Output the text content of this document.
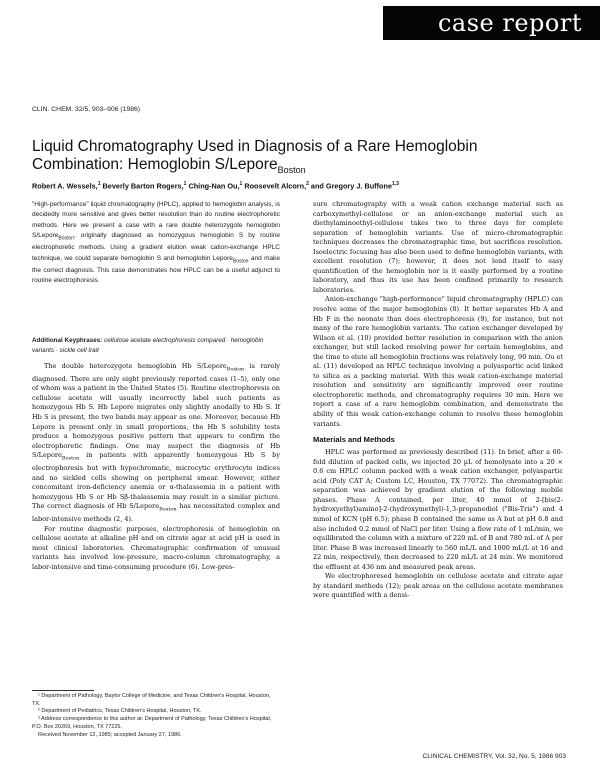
case report
CLIN. CHEM. 32/5, 903–906 (1986)
Liquid Chromatography Used in Diagnosis of a Rare Hemoglobin Combination: Hemoglobin S/Lepore$_{Boston}$
Robert A. Wessels,$^1$ Beverly Barton Rogers,$^1$ Ching-Nan Ou,$^1$ Roosevelt Alcorn,$^2$ and Gregory J. Buffone$^{1,3}$
"High-performance" liquid chromatography (HPLC), applied to hemoglobin analysis, is decidedly more sensitive and gives better resolution than do routine electrophoretic methods. Here we present a case with a rare double heterozygote hemoglobin S/Lepore$_{Boston}$, originally diagnosed as homozygous hemoglobin S by routine electrophoretic methods. Using a gradient elution weak cation-exchange HPLC technique, we could separate hemoglobin S and hemoglobin Lepore$_{Boston}$ and make the correct diagnosis. This case demonstrates how HPLC can be a useful adjunct to routine electrophoresis.
Additional Keyphrases: cellulose acetate electrophoresis compared · hemoglobin variants · sickle cell trait

The double heterozygote hemoglobin Hb S/Lepore$_{Boston}$ is rarely diagnosed. There are only eight previously reported cases (1–5), only one of whom was a patient in the United States (5). Routine electrophoresis on cellulose acetate will usually incorrectly label such patients as homozygous Hb S. Hb Lepore migrates only slightly anodally to Hb S. If Hb S is present, the two bands may appear as one. Moreover, because Hb Lepore is present only in small proportions, the Hb S solubility tests produce a homozygous positive pattern that appears to confirm the electrophoretic findings. One may suspect the diagnosis of Hb S/Lepore$_{Boston}$ in patients with apparently homozygous Hb S by electrophoresis but with hypochromatic, microcytic erythrocyte indices and no sickled cells showing on peripheral smear. However, either concomitant iron-deficiency anemia or α-thalassemia in a patient with homozygous Hb S or Hb Sβ-thalassemia may result in a similar picture. The correct diagnosis of Hb S/Lepore$_{Boston}$ has necessitated complex and labor-intensive methods (2, 4).

For routine diagnostic purposes, electrophoresis of hemoglobin on cellulose acetate at alkaline pH and on citrate agar at acid pH is used in most clinical laboratories. Chromatographic confirmation of unusual variants has involved low-pressure, macro-column chromatography, a labor-intensive and time-consuming procedure (6). Low-pres-

¹ Department of Pathology, Baylor College of Medicine, and Texas Children's Hospital, Houston, TX.

² Department of Pediatrics, Texas Children's Hospital, Houston, TX.

³ Address correspondence to this author at: Department of Pathology, Texas Children's Hospital, P.O. Box 20269, Houston, TX 77225.

Received November 12, 1985; accepted January 27, 1986.

sure chromatography with a weak cation exchange material such as carboxymethyl-cellulose or an anion-exchange material such as diethylaminoethyl-cellulose takes two to three days for complete separation of hemoglobin variants. Use of micro-chromatographic techniques decreases the chromatographic time, but sacrifices resolution. Isoelectric focusing has also been used to define hemoglobin variants, with excellent resolution (7); however, it does not lend itself to easy quantification of the hemoglobin nor is it easily performed by a routine laboratory, and thus its use has been confined primarily to research laboratories.

Anion-exchange "high-performance" liquid chromatography (HPLC) can resolve some of the major hemoglobins (8). It better separates Hb A and Hb F in the neonate than does electrophoresis (9), for instance, but not many of the rare hemoglobin variants. The cation exchanger developed by Wilson et al. (10) provided better resolution in comparison with the anion exchanger, but still lacked resolving power for certain hemoglobins, and the time to elute all hemoglobin fractions was relatively long, 90 min. Ou et al. (11) developed an HPLC technique involving a polyaspartic acid linked to silica as a packing material. With this weak cation-exchange material resolution and sensitivity are significantly improved over routine electrophoretic methods, and chromatography requires 30 min. Here we report a case of a rare hemoglobin combination, and demonstrate the ability of this weak cation-exchange column to resolve these hemoglobin variants.

Materials and Methods

HPLC was performed as previously described (11). In brief, after a 60-fold dilution of packed cells, we injected 20 µL of hemolysate into a 20 × 0.6 cm HPLC column packed with a weak cation exchanger, polyaspartic acid (Poly CAT A; Custom LC, Houston, TX 77072). The chromatographic separation was achieved by gradient elution of the following mobile phases. Phase A contained, per liter, 40 mmol of 2-[bis(2-hydroxyethyl)amino]-2-(hydroxymethyl)-1,3-propanediol ("Bis-Tris") and 4 mmol of KCN (pH 6.5); phase B contained the same as A but at pH 6.8 and also included 0.2 mmol of NaCl per liter. Using a flow rate of 1 mL/min, we equilibrated the column with a mixture of 220 mL of B and 780 mL of A per liter. Phase B was increased linearly to 560 mL/L and 1000 mL/L at 16 and 22 min, respectively, then decreased to 220 mL/L at 24 min. We monitored the effluent at 436 nm and measured peak areas.

We electrophoresed hemoglobin on cellulose acetate and citrate agar by standard methods (12); peak areas on the cellulose acetate membranes were quantified with a densi-

CLINICAL CHEMISTRY, Vol. 32, No. 5, 1986 903
